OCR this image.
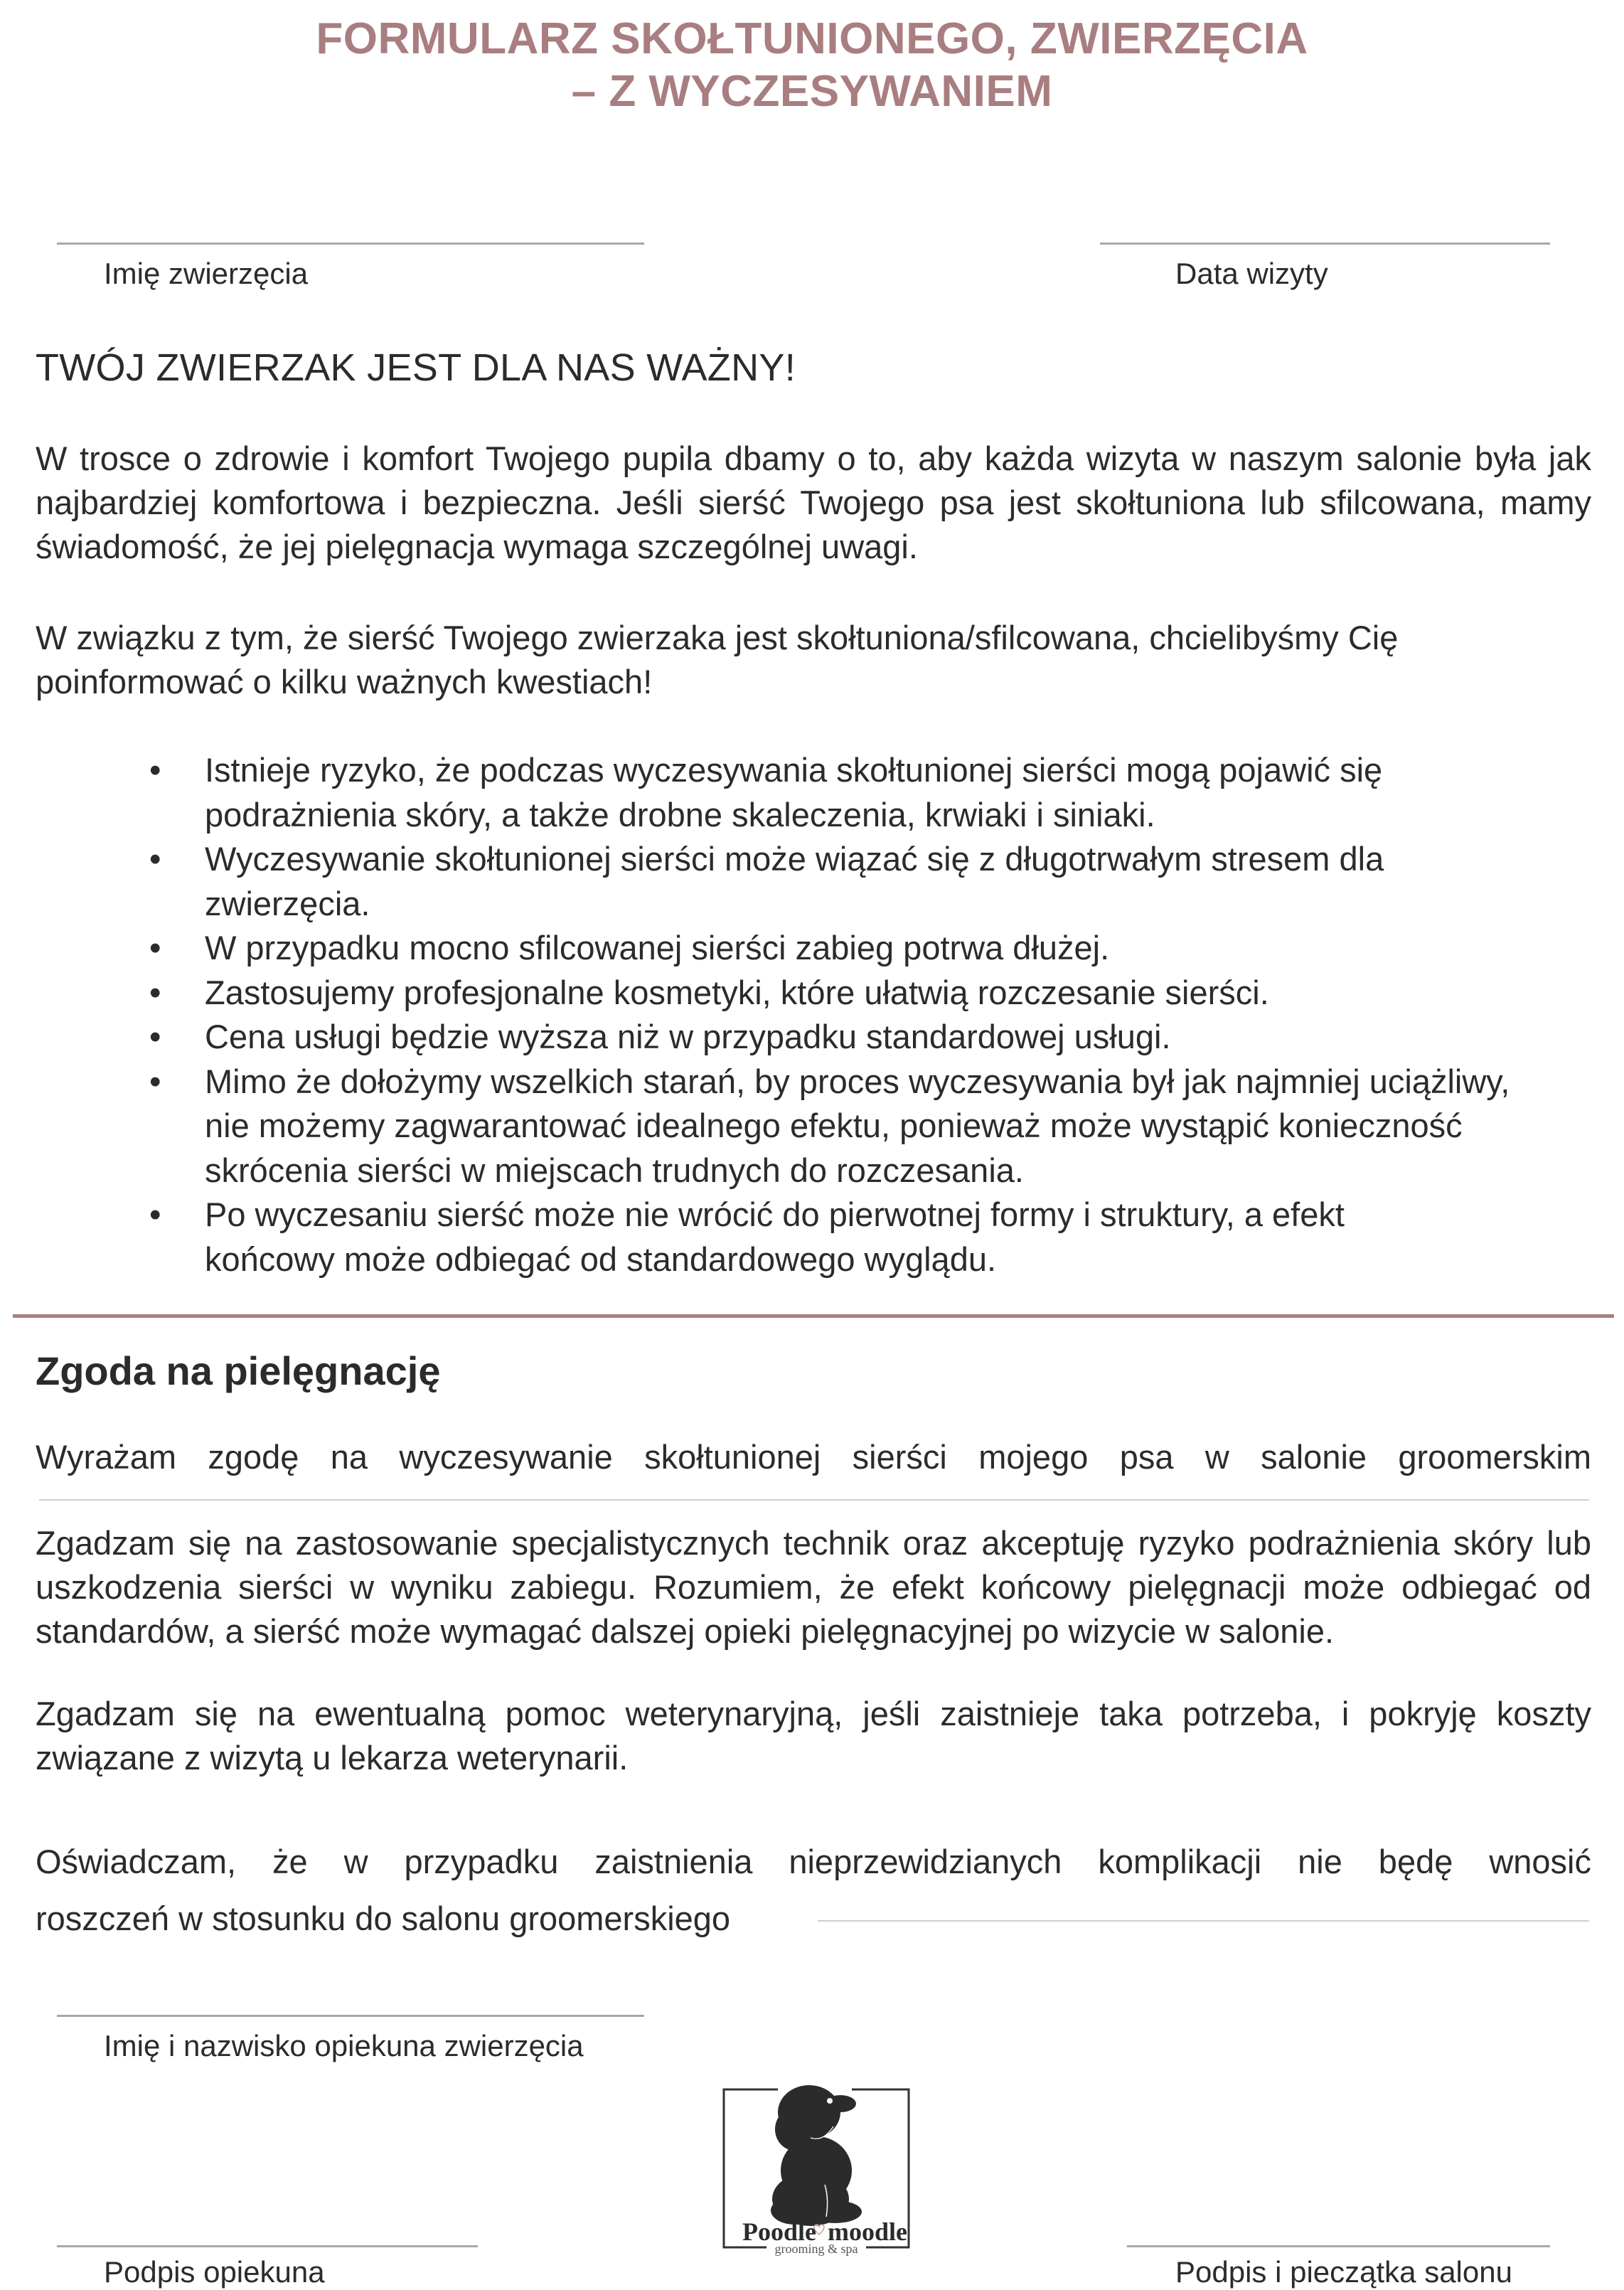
FORMULARZ SKOŁTUNIONEGO, ZWIERZĘCIA
– Z WYCZESYWANIEM
Imię zwierzęcia	Data wizyty
TWÓJ ZWIERZAK JEST DLA NAS WAŻNY!
W trosce o zdrowie i komfort Twojego pupila dbamy o to, aby każda wizyta w naszym salonie była jak najbardziej komfortowa i bezpieczna. Jeśli sierść Twojego psa jest skołtuniona lub sfilcowana, mamy świadomość, że jej pielęgnacja wymaga szczególnej uwagi.
W związku z tym, że sierść Twojego zwierzaka jest skołtuniona/sfilcowana, chcielibyśmy Cię
poinformować o kilku ważnych kwestiach!
•	Istnieje ryzyko, że podczas wyczesywania skołtunionej sierści mogą pojawić się podrażnienia skóry, a także drobne skaleczenia, krwiaki i siniaki.
•	Wyczesywanie skołtunionej sierści może wiązać się z długotrwałym stresem dla zwierzęcia.
•	W przypadku mocno sfilcowanej sierści zabieg potrwa dłużej.
•	Zastosujemy profesjonalne kosmetyki, które ułatwią rozczesanie sierści.
•	Cena usługi będzie wyższa niż w przypadku standardowej usługi.
•	Mimo że dołożymy wszelkich starań, by proces wyczesywania był jak najmniej uciążliwy, nie możemy zagwarantować idealnego efektu, ponieważ może wystąpić konieczność skrócenia sierści w miejscach trudnych do rozczesania.
•	Po wyczesaniu sierść może nie wrócić do pierwotnej formy i struktury, a efekt końcowy może odbiegać od standardowego wyglądu.
Zgoda na pielęgnację
Wyrażam zgodę na wyczesywanie skołtunionej sierści mojego psa w salonie groomerskim
Zgadzam się na zastosowanie specjalistycznych technik oraz akceptuję ryzyko podrażnienia skóry lub uszkodzenia sierści w wyniku zabiegu. Rozumiem, że efekt końcowy pielęgnacji może odbiegać od standardów, a sierść może wymagać dalszej opieki pielęgnacyjnej po wizycie w salonie.
Zgadzam się na ewentualną pomoc weterynaryjną, jeśli zaistnieje taka potrzeba, i pokryję koszty związane z wizytą u lekarza weterynarii.
Oświadczam, że w przypadku zaistnienia nieprzewidzianych komplikacji nie będę wnosić
roszczeń w stosunku do salonu groomerskiego
Imię i nazwisko opiekuna zwierzęcia
Podpis opiekuna	Podpis i pieczątka salonu
Poodle moodle
grooming & spa
